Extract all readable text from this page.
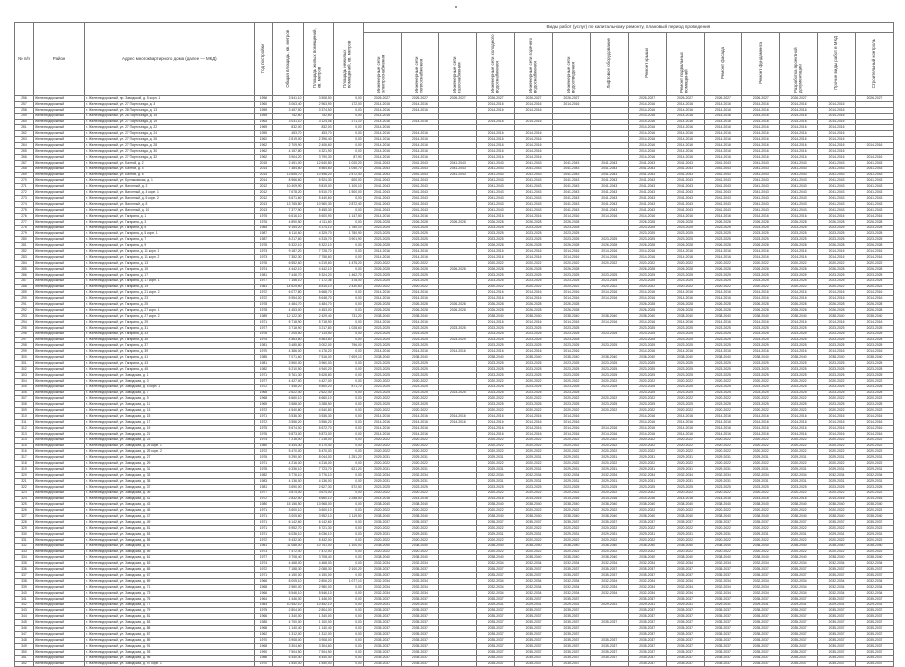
№ п/п	Район	Адрес многоквартирного дома (далее — МКД)	Год постройки	Общая площадь, кв. метров	Площадь жилых помещений, кв. метров	Площадь нежилых помещений, кв. метров	Виды работ (услуг) по капитальному ремонту, плановый период проведения													
							Инженерные сети электроснабжения	Инженерные сети теплоснабжения	Инженерные сети газоснабжения	Инженерные сети холодного водоснабжения	Инженерные сети горячего водоснабжения	Инженерные сети водоотведения	Лифтовое оборудование	Ремонт крыши	Ремонт подвальных помещений	Ремонт фасада	Ремонт фундамента	Разработка проектной документации	Прочие виды работ в МКД	Строительный контроль
256	Железнодорожный	г. Железнодорожный, пр. Заводской, д. 5 корп. 1	1956	3 541,10	3 508,50	0,00	2026-2027	2026-2027	2026-2027	2026-2027	2026-2027	2026-2027		2026-2027	2026-2027	2026-2027	2026-2027	2026-2027		2026-2027
257	Железнодорожный	г. Железнодорожный, ул. 27 Партсъезда, д. 3	1960	3 063,40	2 963,90	172,00	2014-2016	2014-2016		2014-2016	2014-2016	2014-2016		2014-2016	2014-2016	2014-2016	2014-2016	2014-2016	2014-2016	
258	Железнодорожный	г. Железнодорожный, ул. 28 Партсъезда, д. 13	1959	3 457,50	3 374,50	0,00	2014-2016	2014-2016		2014-2016	2014-2016			2014-2016	2014-2016	2014-2016	2014-2016	2014-2016	2014-2016	
259	Железнодорожный	г. Железнодорожный, ул. 28 Партсъезда, д. 15	1959	752,60	752,60	0,00	2014-2016							2014-2016	2014-2016	2014-2016	2014-2016	2014-2016	2014-2016	
260	Железнодорожный	г. Железнодорожный, ул. 27 Партсъезда, д. 19	1964	3 031,10	3 124,06	271,10	2014-2016	2014-2016		2014-2016	2014-2016			2014-2016	2014-2016	2014-2016	2014-2016	2014-2016	2014-2016	
261	Железнодорожный	г. Железнодорожный, ул. 27 Партсъезда, д. 22	1969	832,00	832,00	0,00	2014-2016							2014-2016	2014-2016	2014-2016	2014-2016	2014-2016	2014-2016	
262	Железнодорожный	г. Железнодорожный, ул. 27 Партсъезда, д. 24	1959	453,70	453,70	0,00	2014-2016	2014-2016		2014-2016	2014-2016			2014-2016	2014-2016	2014-2016	2014-2016	2014-2016	2014-2016	
263	Железнодорожный	г. Железнодорожный, ул. 27 Партсъезда, д. 26	1962	2 819,00	2 396,40	0,00	2014-2016	2014-2016		2014-2016	2014-2016			2014-2016	2014-2016	2014-2016	2014-2016	2014-2016	2014-2016	
264	Железнодорожный	г. Железнодорожный, ул. 27 Партсъезда, д. 28	1962	2 709,90	2 406,60	0,00	2014-2016	2014-2016		2014-2016	2014-2016			2014-2016	2014-2016	2014-2016	2014-2016	2014-2016	2014-2016	2014-2016
265	Железнодорожный	г. Железнодорожный, ул. 27 Партсъезда, д. 30	1962	4 157,80	4 321,90	0,00	2014-2016	2014-2016		2014-2016	2014-2016			2014-2016	2014-2016	2014-2016	2014-2016	2014-2016	2014-2016	
266	Железнодорожный	г. Железнодорожный, ул. 27 Партсъезда, д. 32	1962	3 904,20	3 790,30	87,90	2014-2016	2014-2016		2014-2016	2014-2016			2014-2016	2014-2016	2014-2016	2014-2016	2014-2016	2014-2016	2014-2016
267	Железнодорожный	г. Железнодорожный, ул. Балтий, д. 2	2015	2 451,00	12 640,80	1 020,20	2041-2043	2041-2043	2041-2043	2041-2043	2041-2043	2041-2043	2041-2043	2041-2043	2041-2043	2041-2043	2041-2043	2041-2043	2041-2043	2041-2043
268	Железнодорожный	г. Железнодорожный, ул. Балтий, д. 4	2014	7 384,60	5 564,60	1 040,70	2041-2043	2041-2043	2041-2043	2041-2043	2041-2043	2041-2043	2041-2043	2041-2043	2041-2043	2041-2043	2041-2043	2041-2043	2041-2043	2041-2043
269	Железнодорожный	г. Железнодорожный, ул. Балтий, д. 6	2014	13 655,70	10 498,20	2 572,40	2041-2043	2041-2043	2041-2043	2041-2043	2041-2043	2041-2043	2041-2043	2041-2043	2041-2043	2041-2043	2041-2043	2041-2043	2041-2043	2041-2043
270	Железнодорожный	г. Железнодорожный, ул. Булгаковская, д. 1	2014	8 966,60	5 924,30	600,00	2041-2043	2041-2043		2041-2043	2041-2043	2041-2043	2041-2043	2041-2043	2041-2043	2041-2043	2041-2043	2041-2043	2041-2043	2041-2043
271	Железнодорожный	г. Железнодорожный, ул. Вагонный, д. 2	2012	10 409,90	9 819,00	1 100,10	2041-2043	2041-2043		2041-2043	2041-2043	2041-2043	2041-2043	2041-2043	2041-2043	2041-2043	2041-2043	2041-2043	2041-2043	2041-2043
272	Железнодорожный	г. Железнодорожный, ул. Вагонный, д. 4 корп. 1	2012	7 678,20	5 510,70	1 500,00	2041-2043	2041-2043		2041-2043	2041-2043	2041-2043	2041-2043	2041-2043	2041-2043	2041-2043	2041-2043	2041-2043	2041-2043	2041-2043
273	Железнодорожный	г. Железнодорожный, ул. Вагонный, д. 6 корп. 2	2012	5 671,60	5 440,60	0,00	2041-2043	2041-2043		2041-2043	2041-2043	2041-2043	2041-2043	2041-2043	2041-2043	2041-2043	2041-2043	2041-2043	2041-2043	2041-2043
274	Железнодорожный	г. Железнодорожный, ул. Вагонный, д. 8	2013	13 765,80	10 960,30	2 872,40	2041-2043	2041-2043		2041-2043	2041-2043	2041-2043	2041-2043	2041-2043	2041-2043	2041-2043	2041-2043	2041-2043	2041-2043	2041-2043
275	Железнодорожный	г. Железнодорожный, ул. Вагонный, д. 10	2013	7 377,90	5 455,30	0,00	2041-2043	2041-2043		2041-2043	2041-2043	2041-2043	2041-2043	2041-2043	2041-2043	2041-2043	2041-2043	2041-2043	2041-2043	2041-2043
276	Железнодорожный	г. Железнодорожный, ул. Гагарина, д. 1	1975	6 616,10	5 600,90	1 147,50	2014-2016	2014-2016		2014-2016	2014-2016	2014-2016	2014-2016	2014-2016	2014-2016	2014-2016	2014-2016	2014-2016	2014-2016	2014-2016
277	Железнодорожный	г. Железнодорожный, ул. Гагарина, д. 3	1976	4 890,50	4 111,60	0,00	2026-2028	2026-2028	2026-2028	2026-2028	2026-2028	2026-2028		2026-2028	2026-2028	2026-2028	2026-2028	2026-2028	2026-2028	2026-2028
278	Железнодорожный	г. Железнодорожный, ул. Гагарина, д. 5	1984	6 154,20	4 374,10	1 780,10	2023-2025	2023-2025		2023-2025	2023-2025	2023-2025		2023-2025	2023-2025	2023-2025	2023-2025	2023-2025	2023-2025	2023-2025
279	Железнодорожный	г. Железнодорожный, ул. Гагарина, д. 5 корп. 1	1987	6 110,60	4 329,70	1 780,90	2023-2025	2023-2025		2023-2025	2023-2025	2023-2025		2023-2025	2023-2025	2023-2025	2023-2025	2023-2025	2023-2025	2023-2025
280	Железнодорожный	г. Железнодорожный, ул. Гагарина, д. 7	1987	8 217,60	4 315,70	3 901,90	2023-2025	2023-2025		2023-2025	2023-2025	2023-2025	2023-2025	2023-2025	2023-2025	2023-2025	2023-2025	2023-2025	2023-2025	2023-2025
281	Железнодорожный	г. Железнодорожный, ул. Гагарина, д. 9	1978	5 322,10	5 322,10	0,00	2026-2028	2026-2028		2026-2028	2026-2028	2026-2028	2026-2028	2026-2028	2026-2028	2026-2028	2026-2028	2026-2028	2026-2028	2026-2028
282	Железнодорожный	г. Железнодорожный, ул. Гагарина, д. 11 корп. 1	1973	9 187,20	7 728,70	0,00	2014-2016	2014-2016		2014-2016	2014-2016	2014-2016	2014-2016	2014-2016	2014-2016	2014-2016	2014-2016	2014-2016	2014-2016	2014-2016
283	Железнодорожный	г. Железнодорожный, ул. Гагарина, д. 11 корп. 2	1973	7 352,30	7 758,60	0,00	2014-2016	2014-2016		2014-2016	2014-2016	2014-2016	2014-2016	2014-2016	2014-2016	2014-2016	2014-2016	2014-2016	2014-2016	2014-2016
284	Железнодорожный	г. Железнодорожный, ул. Гагарина, д. 13	1976	6 552,60	4 219,60	1 475,20	2020-2022	2020-2022		2020-2022	2020-2022	2020-2022	2020-2022	2020-2022	2020-2022	2020-2022	2020-2022	2020-2022	2020-2022	2020-2022
285	Железнодорожный	г. Железнодорожный, ул. Гагарина, д. 15	1974	4 442,10	4 442,10	0,00	2026-2028	2026-2028	2026-2028	2026-2028	2026-2028	2026-2028		2026-2028	2026-2028	2026-2028	2026-2028	2026-2028	2026-2028	2026-2028
286	Железнодорожный	г. Железнодорожный, ул. Гагарина, д. 17	1981	7 446,70	5 324,20	1 462,70	2023-2025	2023-2025		2023-2025	2023-2025	2023-2025	2023-2025	2023-2025	2023-2025	2023-2025	2023-2025	2023-2025	2023-2025	2023-2025
287	Железнодорожный	г. Железнодорожный, ул. Гагарина, д. 17 корп. 1	1977	7 156,10	7 172,36	378,00	2023-2025	2023-2025		2023-2025	2023-2025	2023-2025	2023-2025	2023-2025	2023-2025	2023-2025	2023-2025	2023-2025	2023-2025	2023-2025
288	Железнодорожный	г. Железнодорожный, ул. Гагарина, д. 19	1981	14 625,60	8 815,10	2 430,60	2020-2022	2020-2022		2020-2022	2020-2022	2020-2022	2020-2022	2020-2022	2020-2022	2020-2022	2020-2022	2020-2022	2020-2022	2020-2022
289	Железнодорожный	г. Железнодорожный, ул. Гагарина, д. 21 корп. 2	1972	6 077,80	5 668,70	0,00	2014-2016	2014-2016		2014-2016	2014-2016	2014-2016	2014-2016	2014-2016	2014-2016	2014-2016	2014-2016	2014-2016	2014-2016	2014-2016
290	Железнодорожный	г. Железнодорожный, ул. Гагарина, д. 23	1972	5 954,00	5 648,70	0,00	2014-2016	2014-2016		2014-2016	2014-2016	2014-2016	2014-2016	2014-2016	2014-2016	2014-2016	2014-2016	2014-2016	2014-2016	2014-2016
291	Железнодорожный	г. Железнодорожный, ул. Гагарина, д. 25	1978	4 484,70	4 484,70	0,00	2026-2028	2026-2028	2026-2028	2026-2028	2026-2028	2026-2028		2026-2028	2026-2028	2026-2028	2026-2028	2026-2028	2026-2028	2026-2028
292	Железнодорожный	г. Железнодорожный, ул. Гагарина, д. 27 корп. 1	1978	4 453,00	4 453,00	0,00	2026-2028	2026-2028	2026-2028	2026-2028	2026-2028	2026-2028		2026-2028	2026-2028	2026-2028	2026-2028	2026-2028	2026-2028	2026-2028
293	Железнодорожный	г. Железнодорожный, ул. Гагарина, д. 27 корп. 2	1989	12 122,30	2 429,40	731,20	2038-2040	2038-2040		2038-2040	2038-2040	2038-2040	2038-2040	2038-2040	2038-2040	2038-2040	2038-2040	2038-2040	2038-2040	2038-2040
294	Железнодорожный	г. Железнодорожный, ул. Гагарина, д. 29	1971	5 718,90	5 718,90	0,00	2014-2016	2014-2016		2014-2016	2014-2016	2014-2016	2014-2016	2014-2016	2014-2016	2014-2016	2014-2016	2014-2016	2014-2016	2014-2016
295	Железнодорожный	г. Железнодорожный, ул. Гагарина, д. 31	1977	3 718,90	3 217,80	1 028,60	2023-2025	2023-2025	2023-2025	2023-2025	2023-2025	2023-2025		2023-2025	2023-2025	2023-2025	2023-2025	2023-2025	2023-2025	2023-2025
296	Железнодорожный	г. Железнодорожный, ул. Гагарина, д. 33	1976	7 205,50	7 114,50	0,00	2023-2025	2023-2025		2023-2025	2023-2025	2023-2025	2023-2025	2023-2025	2023-2025	2023-2025	2023-2025	2023-2025	2023-2025	2023-2025
297	Железнодорожный	г. Железнодорожный, ул. Гагарина, д. 35	1975	4 563,80	4 563,80	0,00	2023-2025	2023-2025	2023-2025	2023-2025	2023-2025	2023-2025		2023-2025	2023-2025	2023-2025	2023-2025	2023-2025	2023-2025	2023-2025
298	Железнодорожный	г. Железнодорожный, ул. Гагарина, д. 37	1981	3 485,80	3 002,00	796,00	2023-2025	2023-2025		2023-2025	2023-2025	2023-2025	2023-2025	2023-2025	2023-2025	2023-2025	2023-2025	2023-2025	2023-2025	2023-2025
299	Железнодорожный	г. Железнодорожный, ул. Гагарина, д. 39	1970	4 386,00	4 176,20	0,00	2014-2016	2014-2016	2014-2016	2014-2016	2014-2016	2014-2016		2014-2016	2014-2016	2014-2016	2014-2016	2014-2016	2014-2016	2014-2016
300	Железнодорожный	г. Железнодорожный, ул. Гагарина, д. 41	1985	7 071,60	7 516,00	7 609,10	2038-2040	2038-2040		2038-2040	2038-2040	2038-2040	2038-2040	2038-2040	2038-2040	2038-2040	2038-2040	2038-2040	2038-2040	2038-2040
301	Железнодорожный	г. Железнодорожный, ул. Гагарина, д. 43	1981	3 960,00	3 960,00	0,00	2023-2025	2023-2025		2023-2025	2023-2025	2023-2025	2023-2025	2023-2025	2023-2025	2023-2025	2023-2025	2023-2025	2023-2025	2023-2025
302	Железнодорожный	г. Железнодорожный, ул. Гагарина, д. 45	1982	5 210,50	4 940,20	0,00	2023-2025	2023-2025		2023-2025	2023-2025	2023-2025	2023-2025	2023-2025	2023-2025	2023-2025	2023-2025	2023-2025	2023-2025	2023-2025
303	Железнодорожный	г. Железнодорожный, ул. Заводская, д. 1	1971	5 761,30	5 628,80	0,00	2023-2025	2023-2025		2023-2025	2023-2025	2023-2025	2023-2025	2023-2025	2023-2025	2023-2025	2023-2025	2023-2025	2023-2025	2023-2025
304	Железнодорожный	г. Железнодорожный, ул. Заводская, д. 3	1977	4 427,00	4 427,00	0,00	2020-2022	2020-2022		2020-2022	2020-2022	2020-2022	2020-2022	2020-2022	2020-2022	2020-2022	2020-2022	2020-2022	2020-2022	2020-2022
305	Железнодорожный	г. Железнодорожный, ул. Заводская, д. 5 корп. 1	1972	7 448,20	5 800,20	871,70	2023-2025	2023-2025		2023-2025	2023-2025	2023-2025	2023-2025	2023-2025	2023-2025	2023-2025	2023-2025	2023-2025	2023-2025	2023-2025
306	Железнодорожный	г. Железнодорожный, ул. Заводская, д. 7	1965	2 622,40	2 622,40	0,00	2023-2025	2023-2025	2023-2025	2023-2025	2023-2025	2023-2025		2023-2025	2023-2025	2023-2025	2023-2025	2023-2025	2023-2025	2023-2025
307	Железнодорожный	г. Железнодорожный, ул. Заводская, д. 9	1968	6 660,10	6 660,10	0,00	2020-2022	2020-2022		2020-2022	2020-2022	2020-2022	2020-2022	2020-2022	2020-2022	2020-2022	2020-2022	2020-2022	2020-2022	2020-2022
308	Железнодорожный	г. Железнодорожный, ул. Заводская, д. 11	1969	3 588,00	3 288,50	0,00	2023-2025	2023-2025		2023-2025	2023-2025	2023-2025	2023-2025	2023-2025	2023-2025	2023-2025	2023-2025	2023-2025	2023-2025	2023-2025
309	Железнодорожный	г. Железнодорожный, ул. Заводская, д. 13	1972	4 540,80	4 540,80	0,00	2020-2022	2020-2022		2020-2022	2020-2022	2020-2022	2020-2022	2020-2022	2020-2022	2020-2022	2020-2022	2020-2022	2020-2022	2020-2022
310	Железнодорожный	г. Железнодорожный, ул. Заводская, д. 15	1971	3 536,30	3 536,30	0,00	2014-2016	2014-2016	2014-2016	2014-2016	2014-2016	2014-2016		2014-2016	2014-2016	2014-2016	2014-2016	2014-2016	2014-2016	2014-2016
311	Железнодорожный	г. Железнодорожный, ул. Заводская, д. 17	1972	3 556,20	3 556,20	0,00	2014-2016	2014-2016	2014-2016	2014-2016	2014-2016	2014-2016		2014-2016	2014-2016	2014-2016	2014-2016	2014-2016	2014-2016	2014-2016
312	Железнодорожный	г. Железнодорожный, ул. Заводская, д. 19	1975	5 674,00	5 672,70	0,00	2014-2016	2014-2016		2014-2016	2014-2016	2014-2016	2014-2016	2014-2016	2014-2016	2014-2016	2014-2016	2014-2016	2014-2016	2014-2016
313	Железнодорожный	г. Железнодорожный, ул. Заводская, д. 21	1976	5 873,00	5 873,00	0,00	2014-2016	2014-2016		2014-2016	2014-2016	2014-2016	2014-2016	2014-2016	2014-2016	2014-2016	2014-2016	2014-2016	2014-2016	2014-2016
314	Железнодорожный	г. Железнодорожный, ул. Заводская, д. 23	1974	7 216,00	7 216,00	0,00	2020-2022	2020-2022		2020-2022	2020-2022	2020-2022	2020-2022	2020-2022	2020-2022	2020-2022	2020-2022	2020-2022	2020-2022	2020-2022
315	Железнодорожный	г. Железнодорожный, ул. Заводская, д. 25 корп. 1	1980	5 344,30	5 170,40	0,00	2020-2022	2020-2022		2020-2022	2020-2022	2020-2022	2020-2022	2020-2022	2020-2022	2020-2022	2020-2022	2020-2022	2020-2022	2020-2022
316	Железнодорожный	г. Железнодорожный, ул. Заводская, д. 25 корп. 2	1972	5 470,00	5 470,00	0,00	2020-2022	2020-2022		2020-2022	2020-2022	2020-2022	2020-2022	2020-2022	2020-2022	2020-2022	2020-2022	2020-2022	2020-2022	2020-2022
317	Железнодорожный	г. Железнодорожный, ул. Заводская, д. 27	1976	5 290,00	8 044,00	1 251,20	2029-2031	2029-2031		2029-2031	2029-2031	2029-2031	2029-2031	2029-2031	2029-2031	2029-2031	2029-2031	2029-2031	2029-2031	2029-2031
318	Железнодорожный	г. Железнодорожный, ул. Заводская, д. 29	1971	4 216,00	4 216,00	0,00	2020-2022	2020-2022		2020-2022	2020-2022	2020-2022	2020-2022	2020-2022	2020-2022	2020-2022	2020-2022	2020-2022	2020-2022	2020-2022
319	Железнодорожный	г. Железнодорожный, ул. Заводская, д. 31	1978	6 336,10	7 723,70	621,20	2029-2031	2029-2031		2029-2031	2029-2031	2029-2031	2029-2031	2029-2031	2029-2031	2029-2031	2029-2031	2029-2031	2029-2031	2029-2031
320	Железнодорожный	г. Железнодорожный, ул. Заводская, д. 33	1982	3 776,10	3 776,10	0,00	2032-2034	2032-2034		2032-2034	2032-2034	2032-2034	2032-2034	2032-2034	2032-2034	2032-2034	2032-2034	2032-2034	2032-2034	2032-2034
321	Железнодорожный	г. Железнодорожный, ул. Заводская, д. 35	1983	4 136,00	4 136,00	0,00	2029-2031	2029-2031		2029-2031	2029-2031	2029-2031	2029-2031	2029-2031	2029-2031	2029-2031	2029-2031	2029-2031	2029-2031	2029-2031
322	Железнодорожный	г. Железнодорожный, ул. Заводская, д. 37	1981	3 690,00	2 627,30	572,50	2023-2025	2023-2025		2023-2025	2023-2025	2023-2025	2023-2025	2023-2025	2023-2025	2023-2025	2023-2025	2023-2025	2023-2025	2023-2025
323	Железнодорожный	г. Железнодорожный, ул. Заводская, д. 39	1977	3 674,00	3 674,00	0,00	2020-2022	2020-2022		2020-2022	2020-2022	2020-2022	2020-2022	2020-2022	2020-2022	2020-2022	2020-2022	2020-2022	2020-2022	2020-2022
324	Железнодорожный	г. Железнодорожный, ул. Заводская, д. 41	1972	2 832,50	5 660,10	2 258,50	2014-2016	2014-2016		2014-2016	2014-2016	2014-2016	2014-2016	2014-2016	2014-2016	2014-2016	2014-2016	2014-2016	2014-2016	2014-2016
325	Железнодорожный	г. Железнодорожный, ул. Заводская, д. 43	1980	15 156,50	13 968,00	0,00	2038-2040	2038-2040		2038-2040	2038-2040	2038-2040	2038-2040	2038-2040	2038-2040	2038-2040	2038-2040	2038-2040	2038-2040	2038-2040
326	Железнодорожный	г. Железнодорожный, ул. Заводская, д. 45	1971	3 600,10	3 600,10	0,00	2020-2022	2020-2022		2020-2022	2020-2022	2020-2022	2020-2022	2020-2022	2020-2022	2020-2022	2020-2022	2020-2022	2020-2022	2020-2022
327	Железнодорожный	г. Железнодорожный, ул. Заводская, д. 47	1971	3 005,60	3 952,10	1 119,50	2038-2040	2038-2040		2038-2040	2038-2040	2038-2040	2038-2040	2038-2040	2038-2040	2038-2040	2038-2040	2038-2040	2038-2040	2038-2040
328	Железнодорожный	г. Железнодорожный, ул. Заводская, д. 49	1971	6 142,60	6 142,60	0,00	2035-2037	2035-2037		2035-2037	2035-2037	2035-2037	2035-2037	2035-2037	2035-2037	2035-2037	2035-2037	2035-2037	2035-2037	2035-2037
329	Железнодорожный	г. Железнодорожный, ул. Заводская, д. 51	1971	5 952,70	5 721,30	0,00	2020-2022	2020-2022		2020-2022	2020-2022	2020-2022	2020-2022	2020-2022	2020-2022	2020-2022	2020-2022	2020-2022	2020-2022	2020-2022
330	Железнодорожный	г. Железнодорожный, ул. Заводская, д. 53	1971	6 036,10	6 036,10	0,00	2029-2031	2029-2031		2029-2031	2029-2031	2029-2031	2029-2031	2029-2031	2029-2031	2029-2031	2029-2031	2029-2031	2029-2031	2029-2031
331	Железнодорожный	г. Железнодорожный, ул. Заводская, д. 55	1972	5 432,00	5 432,00	0,00	2020-2022	2020-2022		2020-2022	2020-2022	2020-2022	2020-2022	2020-2022	2020-2022	2020-2022	2020-2022	2020-2022	2020-2022	2020-2022
332	Железнодорожный	г. Железнодорожный, ул. Заводская, д. 57	1981	11 088,00	10 751,00	1 100,00	2038-2040	2038-2040		2038-2040	2038-2040	2038-2040	2038-2040	2038-2040	2038-2040	2038-2040	2038-2040	2038-2040	2038-2040	2038-2040
333	Железнодорожный	г. Железнодорожный, ул. Заводская, д. 59	1973	7 472,00	7 472,00	0,00	2020-2022	2020-2022		2020-2022	2020-2022	2020-2022	2020-2022	2020-2022	2020-2022	2020-2022	2020-2022	2020-2022	2020-2022	2020-2022
334	Железнодорожный	г. Железнодорожный, ул. Заводская, д. 61	1977	3 708,40	3 708,40	0,00	2038-2040	2038-2040		2038-2040	2038-2040	2038-2040	2038-2040	2038-2040	2038-2040	2038-2040	2038-2040	2038-2040	2038-2040	2038-2040
335	Железнодорожный	г. Железнодорожный, ул. Заводская, д. 63	1974	4 468,00	4 468,00	0,00	2032-2034	2032-2034		2032-2034	2032-2034	2032-2034	2032-2034	2032-2034	2032-2034	2032-2034	2032-2034	2032-2034	2032-2034	2032-2034
336	Железнодорожный	г. Железнодорожный, ул. Заводская, д. 65	1972	7 188,30	2 088,30	2 100,20	2035-2037	2035-2037		2035-2037	2035-2037	2035-2037	2035-2037	2035-2037	2035-2037	2035-2037	2035-2037	2035-2037	2035-2037	2035-2037
337	Железнодорожный	г. Железнодорожный, ул. Заводская, д. 67	1971	4 150,00	4 150,00	0,00	2035-2037	2035-2037		2035-2037	2035-2037	2035-2037	2035-2037	2035-2037	2035-2037	2035-2037	2035-2037	2035-2037	2035-2037	2035-2037
338	Железнодорожный	г. Железнодорожный, ул. Заводская, д. 69	1966	8 005,10	2 806,20	1 077,10	2032-2034	2032-2034		2032-2034	2032-2034	2032-2034	2032-2034	2032-2034	2032-2034	2032-2034	2032-2034	2032-2034	2032-2034	2032-2034
339	Железнодорожный	г. Железнодорожный, ул. Заводская, д. 71	1968	2 980,00	2 980,00	0,00	2032-2034	2032-2034		2032-2034	2032-2034	2032-2034	2032-2034	2032-2034	2032-2034	2032-2034	2032-2034	2032-2034	2032-2034	2032-2034
340	Железнодорожный	г. Железнодорожный, ул. Заводская, д. 73	1966	5 546,10	5 546,10	0,00	2032-2034	2032-2034		2032-2034	2032-2034	2032-2034	2032-2034	2032-2034	2032-2034	2032-2034	2032-2034	2032-2034	2032-2034	2032-2034
341	Железнодорожный	г. Железнодорожный, ул. Заводская, д. 75	1964	1 446,00	1 446,00	0,00	2035-2037	2035-2037		2035-2037	2035-2037	2035-2037		2035-2037	2035-2037	2035-2037	2035-2037	2035-2037	2035-2037	2035-2037
342	Железнодорожный	г. Железнодорожный, ул. Заводская, д. 77	1983	10 452,10	10 452,10	0,00	2029-2031	2029-2031		2029-2031	2029-2031	2029-2031	2029-2031	2029-2031	2029-2031	2029-2031	2029-2031	2029-2031	2029-2031	2029-2031
343	Железнодорожный	г. Железнодорожный, ул. Заводская, д. 79	1975	2 804,00	2 804,00	0,00	2035-2037	2035-2037		2035-2037	2035-2037	2035-2037		2035-2037	2035-2037	2035-2037	2035-2037	2035-2037	2035-2037	2035-2037
344	Железнодорожный	г. Железнодорожный, ул. Заводская, д. 81	1966	1 340,00	1 340,00	0,00	2035-2037	2035-2037		2035-2037	2035-2037	2035-2037		2035-2037	2035-2037	2035-2037	2035-2037	2035-2037	2035-2037	2035-2037
345	Железнодорожный	г. Железнодорожный, ул. Заводская, д. 83	1985	4 700,00	1 100,00	0,00	2035-2037	2035-2037		2035-2037	2035-2037	2035-2037	2035-2037	2035-2037	2035-2037	2035-2037	2035-2037	2035-2037	2035-2037	2035-2037
346	Железнодорожный	г. Железнодорожный, ул. Заводская, д. 85	1968	1 140,40	1 140,40	0,00	2035-2037	2035-2037		2035-2037	2035-2037	2035-2037		2035-2037	2035-2037	2035-2037	2035-2037	2035-2037	2035-2037	2035-2037
347	Железнодорожный	г. Железнодорожный, ул. Заводская, д. 87	1962	1 312,00	1 312,00	0,00	2035-2037	2035-2037		2035-2037	2035-2037	2035-2037		2035-2037	2035-2037	2035-2037	2035-2037	2035-2037	2035-2037	2035-2037
348	Железнодорожный	г. Железнодорожный, ул. Заводская, д. 89	1970	3 908,00	3 908,00	0,00	2035-2037	2035-2037		2035-2037	2035-2037	2035-2037	2035-2037	2035-2037	2035-2037	2035-2037	2035-2037	2035-2037	2035-2037	2035-2037
349	Железнодорожный	г. Железнодорожный, ул. Заводская, д. 91	1968	3 304,60	3 304,60	0,00	2035-2037	2035-2037		2035-2037	2035-2037	2035-2037	2035-2037	2035-2037	2035-2037	2035-2037	2035-2037	2035-2037	2035-2037	2035-2037
350	Железнодорожный	г. Железнодорожный, ул. Заводская, д. 93	1990	7 504,50	7 504,50	0,00	2035-2037	2035-2037		2035-2037	2035-2037	2035-2037	2035-2037	2035-2037	2035-2037	2035-2037	2035-2037	2035-2037	2035-2037	2035-2037
351	Железнодорожный	г. Железнодорожный, ул. Заводская, д. 95	1986	6 440,40	6 440,40	0,00	2035-2037	2035-2037		2035-2037	2035-2037	2035-2037	2035-2037	2035-2037	2035-2037	2035-2037	2035-2037	2035-2037	2035-2037	2035-2037
352	Железнодорожный	г. Железнодорожный, ул. Заводская, д. 97 корп. 1	1970	1 540,00	1 540,00	0,00	2035-2037	2035-2037		2035-2037	2035-2037	2035-2037		2035-2037	2035-2037	2035-2037	2035-2037	2035-2037	2035-2037	2035-2037
